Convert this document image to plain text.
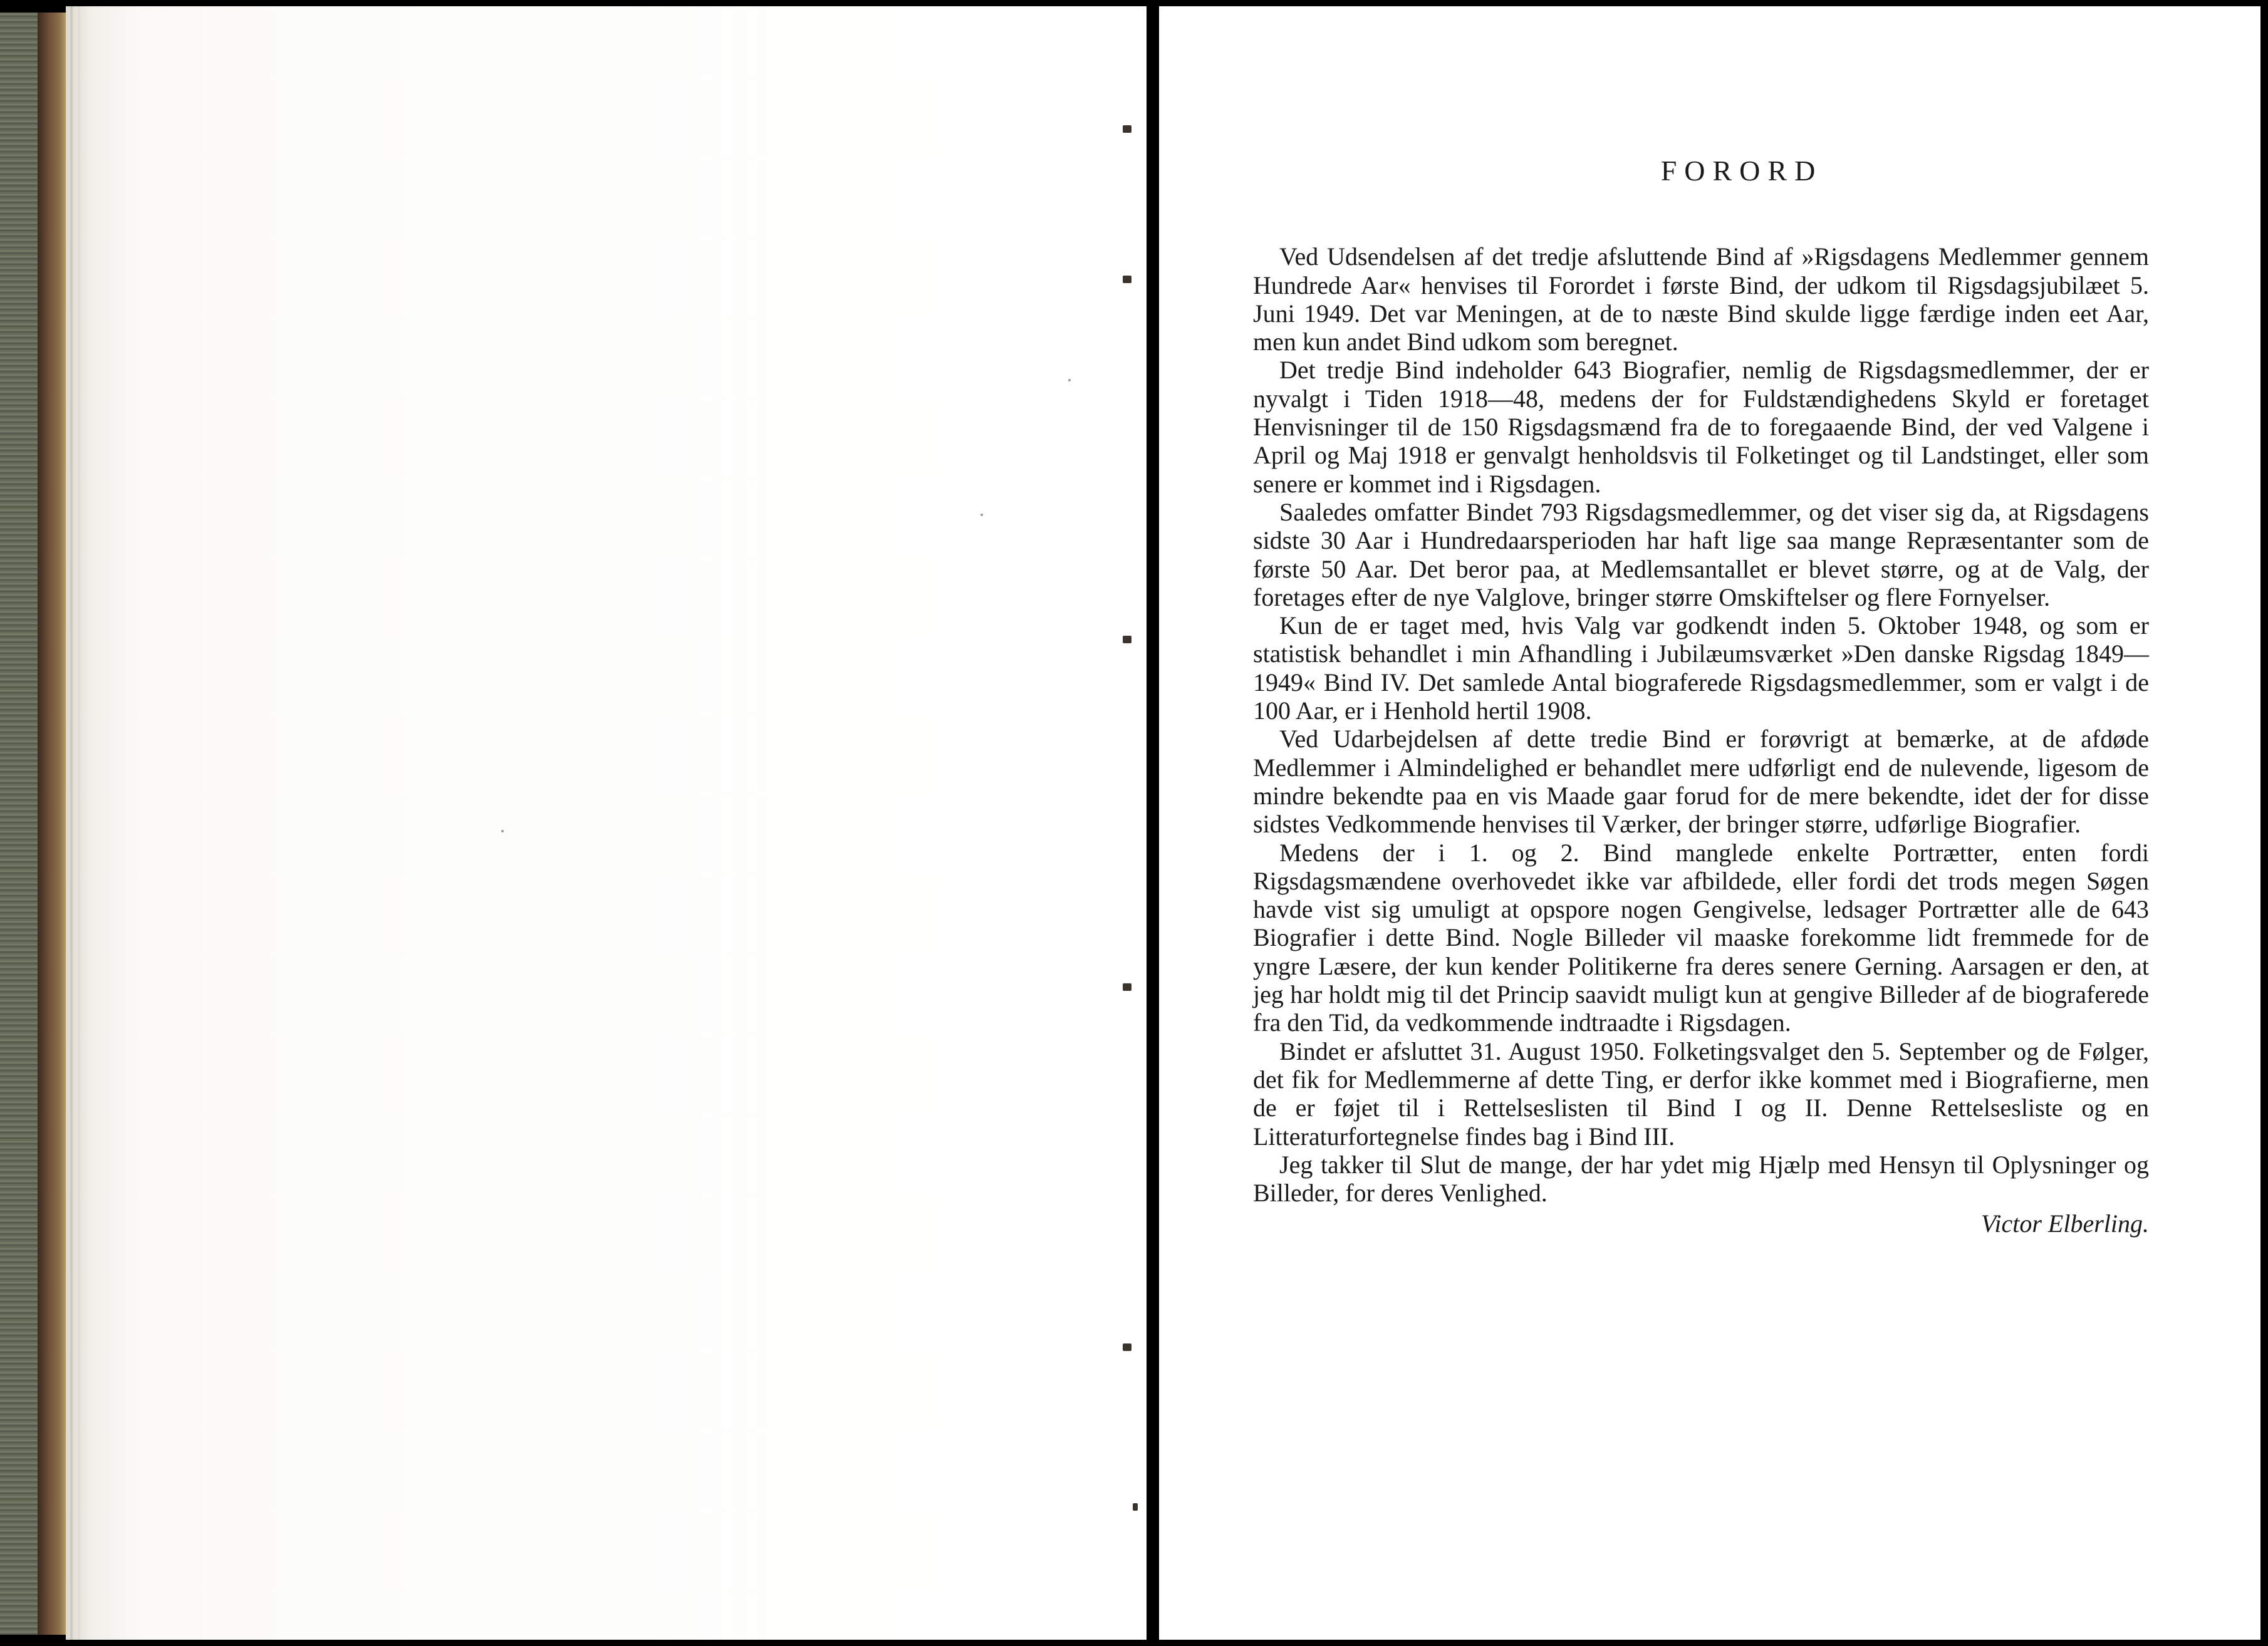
FORORD

Ved Udsendelsen af det tredje afsluttende Bind af »Rigsdagens Medlemmer gennem Hundrede Aar« henvises til Forordet i første Bind, der udkom til Rigsdagsjubilæet 5. Juni 1949. Det var Meningen, at de to næste Bind skulde ligge færdige inden eet Aar, men kun andet Bind udkom som beregnet.

Det tredje Bind indeholder 643 Biografier, nemlig de Rigsdagsmedlemmer, der er nyvalgt i Tiden 1918—48, medens der for Fuldstændighedens Skyld er foretaget Henvisninger til de 150 Rigsdagsmænd fra de to foregaaende Bind, der ved Valgene i April og Maj 1918 er genvalgt henholdsvis til Folketinget og til Landstinget, eller som senere er kommet ind i Rigsdagen.

Saaledes omfatter Bindet 793 Rigsdagsmedlemmer, og det viser sig da, at Rigsdagens sidste 30 Aar i Hundredaarsperioden har haft lige saa mange Repræsentanter som de første 50 Aar. Det beror paa, at Medlemsantallet er blevet større, og at de Valg, der foretages efter de nye Valglove, bringer større Omskiftelser og flere Fornyelser.

Kun de er taget med, hvis Valg var godkendt inden 5. Oktober 1948, og som er statistisk behandlet i min Afhandling i Jubilæumsværket »Den danske Rigsdag 1849—1949« Bind IV. Det samlede Antal biograferede Rigsdagsmedlemmer, som er valgt i de 100 Aar, er i Henhold hertil 1908.

Ved Udarbejdelsen af dette tredie Bind er forøvrigt at bemærke, at de afdøde Medlemmer i Almindelighed er behandlet mere udførligt end de nulevende, ligesom de mindre bekendte paa en vis Maade gaar forud for de mere bekendte, idet der for disse sidstes Vedkommende henvises til Værker, der bringer større, udførlige Biografier.

Medens der i 1. og 2. Bind manglede enkelte Portrætter, enten fordi Rigsdagsmændene overhovedet ikke var afbildede, eller fordi det trods megen Søgen havde vist sig umuligt at opspore nogen Gengivelse, ledsager Portrætter alle de 643 Biografier i dette Bind. Nogle Billeder vil maaske forekomme lidt fremmede for de yngre Læsere, der kun kender Politikerne fra deres senere Gerning. Aarsagen er den, at jeg har holdt mig til det Princip saavidt muligt kun at gengive Billeder af de biograferede fra den Tid, da vedkommende indtraadte i Rigsdagen.

Bindet er afsluttet 31. August 1950. Folketingsvalget den 5. September og de Følger, det fik for Medlemmerne af dette Ting, er derfor ikke kommet med i Biografierne, men de er føjet til i Rettelseslisten til Bind I og II. Denne Rettelsesliste og en Litteraturfortegnelse findes bag i Bind III.

Jeg takker til Slut de mange, der har ydet mig Hjælp med Hensyn til Oplysninger og Billeder, for deres Venlighed.

Victor Elberling.
